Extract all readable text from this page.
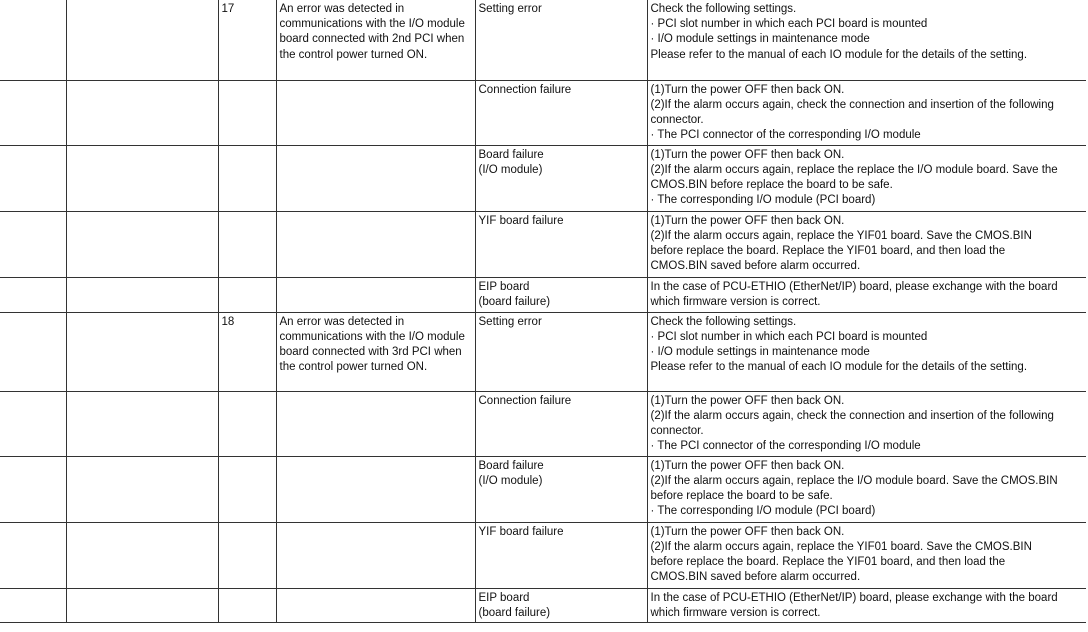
		17	An error was detected in communications with the I/O module board connected with 2nd PCI when the control power turned ON.	Setting error	Check the following settings.
· PCI slot number in which each PCI board is mounted
· I/O module settings in maintenance mode
Please refer to the manual of each IO module for the details of the setting.

				Connection failure	(1)Turn the power OFF then back ON.
(2)If the alarm occurs again, check the connection and insertion of the following
connector.
· The PCI connector of the corresponding I/O module

				Board failure
(I/O module)	(1)Turn the power OFF then back ON.
(2)If the alarm occurs again, replace the replace the I/O module board. Save the
CMOS.BIN before replace the board to be safe.
· The corresponding I/O module (PCI board)

				YIF board failure	(1)Turn the power OFF then back ON.
(2)If the alarm occurs again, replace the YIF01 board. Save the CMOS.BIN
before replace the board. Replace the YIF01 board, and then load the
CMOS.BIN saved before alarm occurred.

				EIP board
(board failure)	In the case of PCU-ETHIO (EtherNet/IP) board, please exchange with the board
which firmware version is correct.

		18	An error was detected in communications with the I/O module board connected with 3rd PCI when the control power turned ON.	Setting error	Check the following settings.
· PCI slot number in which each PCI board is mounted
· I/O module settings in maintenance mode
Please refer to the manual of each IO module for the details of the setting.

				Connection failure	(1)Turn the power OFF then back ON.
(2)If the alarm occurs again, check the connection and insertion of the following
connector.
· The PCI connector of the corresponding I/O module

				Board failure
(I/O module)	(1)Turn the power OFF then back ON.
(2)If the alarm occurs again, replace the I/O module board. Save the CMOS.BIN
before replace the board to be safe.
· The corresponding I/O module (PCI board)

				YIF board failure	(1)Turn the power OFF then back ON.
(2)If the alarm occurs again, replace the YIF01 board. Save the CMOS.BIN
before replace the board. Replace the YIF01 board, and then load the
CMOS.BIN saved before alarm occurred.

				EIP board
(board failure)	In the case of PCU-ETHIO (EtherNet/IP) board, please exchange with the board
which firmware version is correct.
